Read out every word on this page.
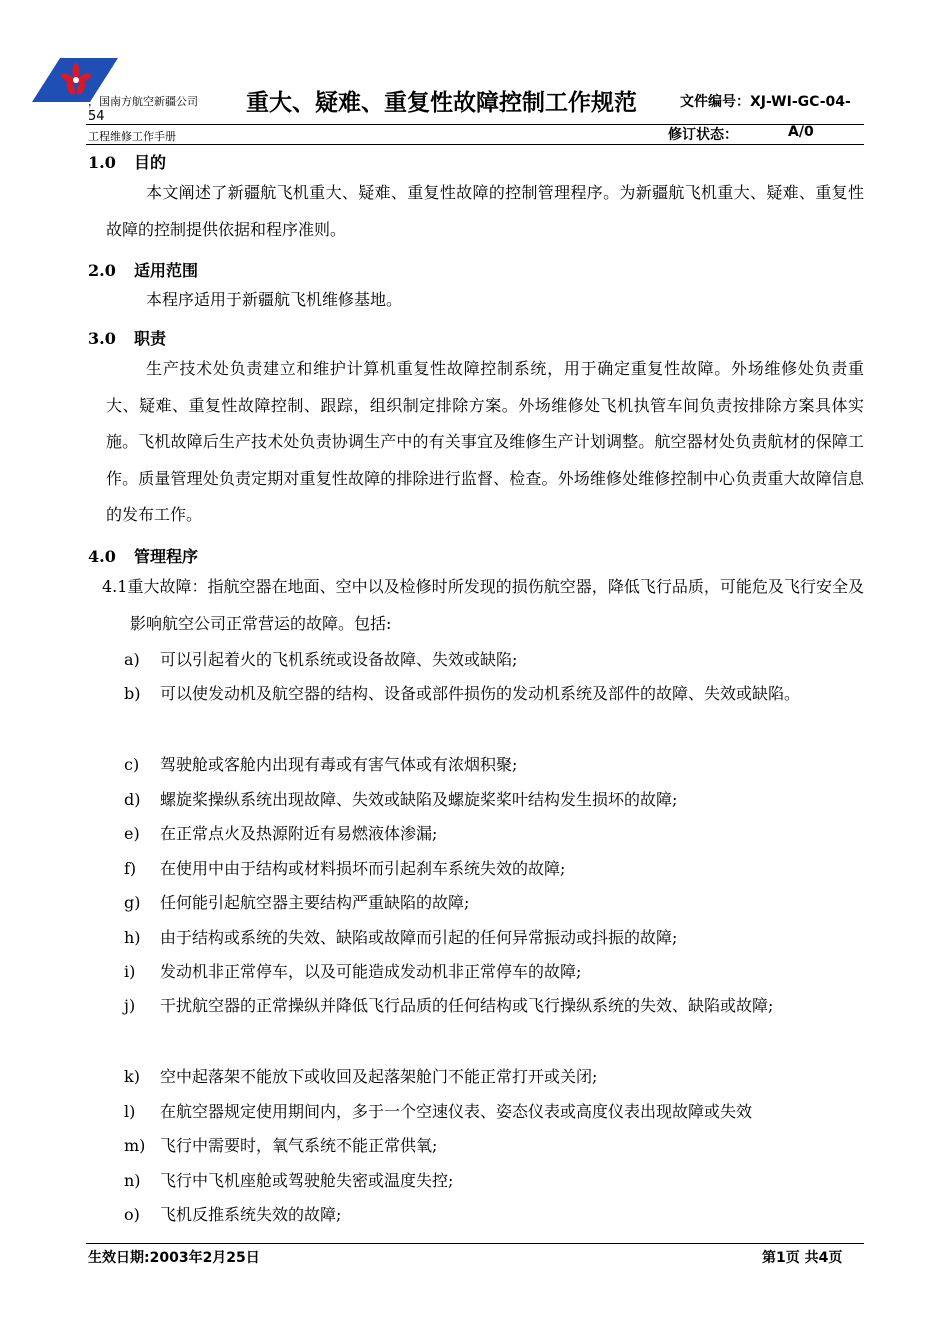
，国南方航空新疆公司
54
重大、疑难、重复性故障控制工作规范	文件编号：XJ-WI-GC-04-
工程维修工作手册	修订状态：	A/0
1.0 目的
本文阐述了新疆航飞机重大、疑难、重复性故障的控制管理程序。为新疆航飞机重大、疑难、重复性故障的控制提供依据和程序准则。
2.0 适用范围
本程序适用于新疆航飞机维修基地。
3.0 职责
生产技术处负责建立和维护计算机重复性故障控制系统，用于确定重复性故障。外场维修处负责重大、疑难、重复性故障控制、跟踪，组织制定排除方案。外场维修处飞机执管车间负责按排除方案具体实施。飞机故障后生产技术处负责协调生产中的有关事宜及维修生产计划调整。航空器材处负责航材的保障工作。质量管理处负责定期对重复性故障的排除进行监督、检查。外场维修处维修控制中心负责重大故障信息的发布工作。
4.0 管理程序
4.1重大故障：指航空器在地面、空中以及检修时所发现的损伤航空器，降低飞行品质，可能危及飞行安全及影响航空公司正常营运的故障。包括:
a) 可以引起着火的飞机系统或设备故障、失效或缺陷;
b) 可以使发动机及航空器的结构、设备或部件损伤的发动机系统及部件的故障、失效或缺陷。
c) 驾驶舱或客舱内出现有毒或有害气体或有浓烟积聚;
d) 螺旋桨操纵系统出现故障、失效或缺陷及螺旋桨桨叶结构发生损坏的故障;
e) 在正常点火及热源附近有易燃液体渗漏;
f) 在使用中由于结构或材料损坏而引起刹车系统失效的故障;
g) 任何能引起航空器主要结构严重缺陷的故障;
h) 由于结构或系统的失效、缺陷或故障而引起的任何异常振动或抖振的故障;
i) 发动机非正常停车，以及可能造成发动机非正常停车的故障;
j) 干扰航空器的正常操纵并降低飞行品质的任何结构或飞行操纵系统的失效、缺陷或故障;
k) 空中起落架不能放下或收回及起落架舱门不能正常打开或关闭;
l) 在航空器规定使用期间内，多于一个空速仪表、姿态仪表或高度仪表出现故障或失效
m) 飞行中需要时，氧气系统不能正常供氧;
n) 飞行中飞机座舱或驾驶舱失密或温度失控;
o) 飞机反推系统失效的故障;
生效日期:2003年2月25日	第1页 共4页
